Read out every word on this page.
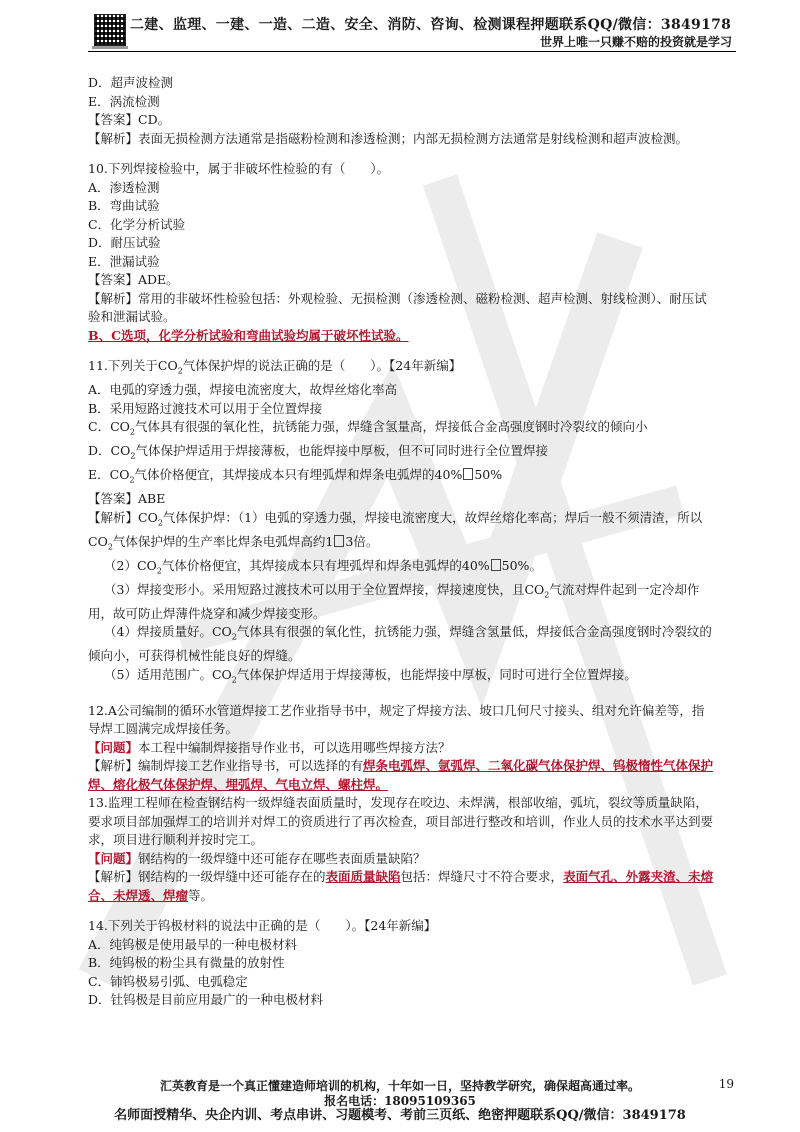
二建、监理、一建、一造、二造、安全、消防、咨询、检测课程押题联系QQ/微信：3849178
世界上唯一只赚不赔的投资就是学习

D．超声波检测

E．涡流检测

【答案】CD。

【解析】表面无损检测方法通常是指磁粉检测和渗透检测；内部无损检测方法通常是射线检测和超声波检测。

10.下列焊接检验中，属于非破坏性检验的有（　　）。

A．渗透检测

B．弯曲试验

C．化学分析试验

D．耐压试验

E．泄漏试验

【答案】ADE。

【解析】常用的非破坏性检验包括：外观检验、无损检测（渗透检测、磁粉检测、超声检测、射线检测）、耐压试验和泄漏试验。

B、C选项，化学分析试验和弯曲试验均属于破坏性试验。

11.下列关于$CO_2$气体保护焊的说法正确的是（　　）。【24年新编】

A．电弧的穿透力强，焊接电流密度大，故焊丝熔化率高

B．采用短路过渡技术可以用于全位置焊接

C．$CO_2$气体具有很强的氧化性，抗锈能力强，焊缝含氢量高，焊接低合金高强度钢时冷裂纹的倾向小

D．$CO_2$气体保护焊适用于焊接薄板，也能焊接中厚板，但不可同时进行全位置焊接

E．$CO_2$气体价格便宜，其焊接成本只有埋弧焊和焊条电弧焊的40% 50%

【答案】ABE

【解析】$CO_2$气体保护焊：（1）电弧的穿透力强，焊接电流密度大，故焊丝熔化率高；焊后一般不须清渣，所以$CO_2$气体保护焊的生产率比焊条电弧焊高约1 3倍。

$(2)CO_2$气体价格便宜，其焊接成本只有埋弧焊和焊条电弧焊的40% 50%。

（3）焊接变形小。采用短路过渡技术可以用于全位置焊接，焊接速度快，且$CO_2$气流对焊件起到一定冷却作用，故可防止焊薄件烧穿和减少焊接变形。

（4）焊接质量好。$CO_2$气体具有很强的氧化性，抗锈能力强，焊缝含氢量低，焊接低合金高强度钢时冷裂纹的倾向小，可获得机械性能良好的焊缝。

（5）适用范围广。$CO_2$气体保护焊适用于焊接薄板，也能焊接中厚板，同时可进行全位置焊接。

12.A公司编制的循环水管道焊接工艺作业指导书中，规定了焊接方法、坡口几何尺寸接头、组对允许偏差等，指导焊工圆满完成焊接任务。

【问题】本工程中编制焊接指导作业书，可以选用哪些焊接方法？

【解析】编制焊接工艺作业指导书，可以选择的有焊条电弧焊、氩弧焊、二氧化碳气体保护焊、钨极惰性气体保护焊、熔化极气体保护焊、埋弧焊、气电立焊、螺柱焊。

13.监理工程师在检查钢结构一级焊缝表面质量时，发现存在咬边、未焊满，根部收缩，弧坑，裂纹等质量缺陷，要求项目部加强焊工的培训并对焊工的资质进行了再次检查，项目部进行整改和培训，作业人员的技术水平达到要求，项目进行顺利并按时完工。

【问题】钢结构的一级焊缝中还可能存在哪些表面质量缺陷？

【解析】钢结构的一级焊缝中还可能存在的表面质量缺陷包括：焊缝尺寸不符合要求，表面气孔、外露夹渣、未熔合、未焊透、焊瘤等。

14.下列关于钨极材料的说法中正确的是（　　）。【24年新编】

A．纯钨极是使用最早的一种电极材料

B．纯钨极的粉尘具有微量的放射性

C．铈钨极易引弧、电弧稳定

D．钍钨极是目前应用最广的一种电极材料

汇英教育是一个真正懂建造师培训的机构，十年如一日，坚持教学研究，确保超高通过率。	19
报名电话：18095109365
名师面授精华、央企内训、考点串讲、习题模考、考前三页纸、绝密押题联系QQ/微信：3849178
